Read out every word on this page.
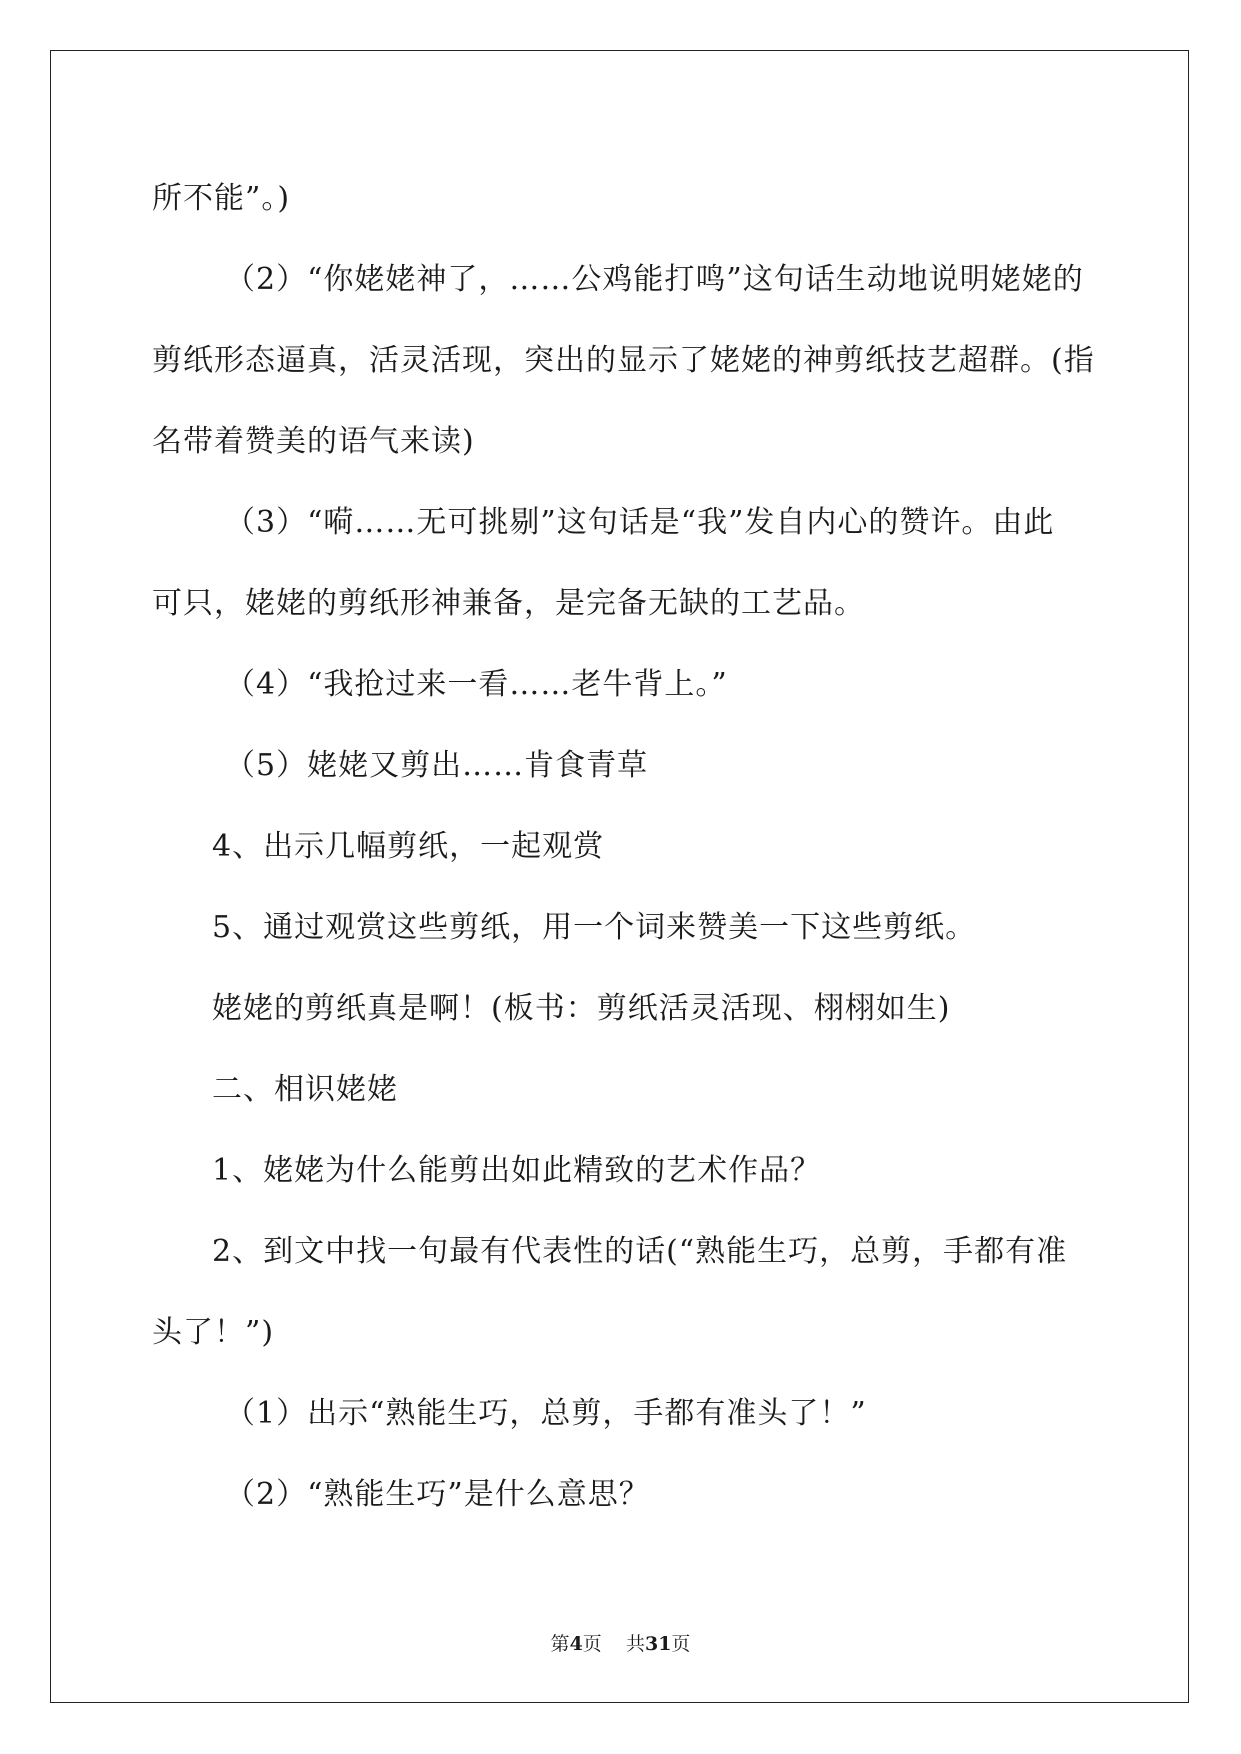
所不能”。)
（2）“你姥姥神了，……公鸡能打鸣”这句话生动地说明姥姥的
剪纸形态逼真，活灵活现，突出的显示了姥姥的神剪纸技艺超群。(指
名带着赞美的语气来读)
（3）“嗬……无可挑剔”这句话是“我”发自内心的赞许。由此
可只，姥姥的剪纸形神兼备，是完备无缺的工艺品。
（4）“我抢过来一看……老牛背上。”
（5）姥姥又剪出……肯食青草
4、出示几幅剪纸，一起观赏
5、通过观赏这些剪纸，用一个词来赞美一下这些剪纸。
姥姥的剪纸真是啊！(板书：剪纸活灵活现、栩栩如生)
二、相识姥姥
1、姥姥为什么能剪出如此精致的艺术作品？
2、到文中找一句最有代表性的话(“熟能生巧，总剪，手都有准
头了！”)
（1）出示“熟能生巧，总剪，手都有准头了！”
（2）“熟能生巧”是什么意思？
第4页    共31页
